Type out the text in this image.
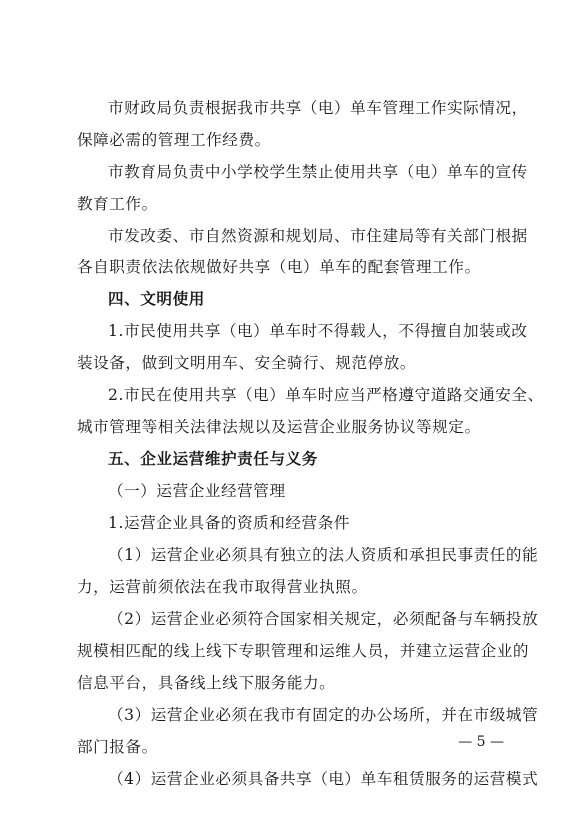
市财政局负责根据我市共享（电）单车管理工作实际情况，
保障必需的管理工作经费。
市教育局负责中小学校学生禁止使用共享（电）单车的宣传
教育工作。
市发改委、市自然资源和规划局、市住建局等有关部门根据
各自职责依法依规做好共享（电）单车的配套管理工作。
四、文明使用
1.市民使用共享（电）单车时不得载人，不得擅自加装或改
装设备，做到文明用车、安全骑行、规范停放。
2.市民在使用共享（电）单车时应当严格遵守道路交通安全、
城市管理等相关法律法规以及运营企业服务协议等规定。
五、企业运营维护责任与义务
（一）运营企业经营管理
1.运营企业具备的资质和经营条件
（1）运营企业必须具有独立的法人资质和承担民事责任的能
力，运营前须依法在我市取得营业执照。
（2）运营企业必须符合国家相关规定，必须配备与车辆投放
规模相匹配的线上线下专职管理和运维人员，并建立运营企业的
信息平台，具备线上线下服务能力。
（3）运营企业必须在我市有固定的办公场所，并在市级城管
部门报备。
（4）运营企业必须具备共享（电）单车租赁服务的运营模式
— 5 —
